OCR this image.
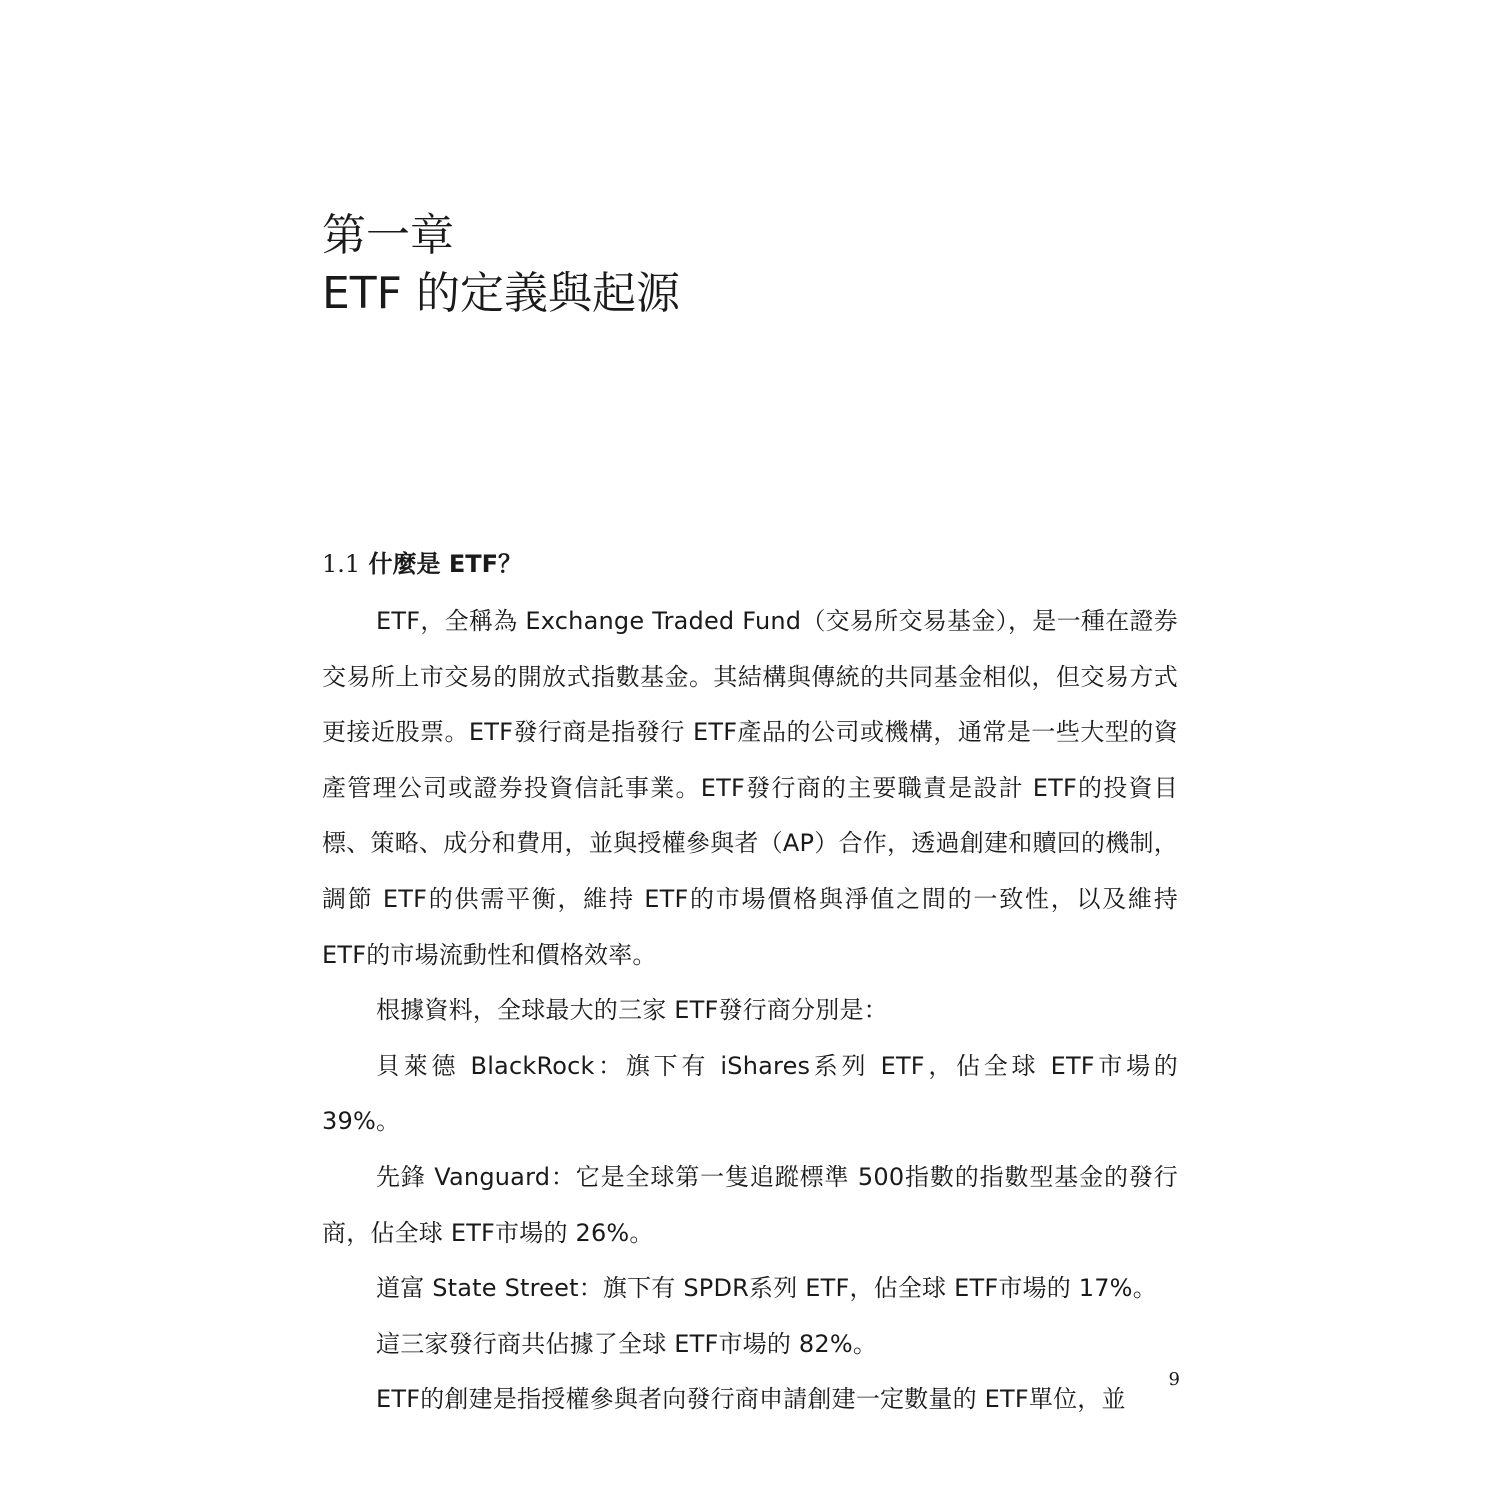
第一章
ETF 的定義與起源
1.1 什麼是 ETF？

ETF，全稱為 Exchange Traded Fund（交易所交易基金），是一種在證券交易所上市交易的開放式指數基金。其結構與傳統的共同基金相似，但交易方式更接近股票。ETF發行商是指發行 ETF產品的公司或機構，通常是一些大型的資產管理公司或證券投資信託事業。ETF發行商的主要職責是設計 ETF的投資目標、策略、成分和費用，並與授權參與者（AP）合作，透過創建和贖回的機制，調節 ETF的供需平衡，維持 ETF的市場價格與淨值之間的一致性，以及維持 ETF的市場流動性和價格效率。

根據資料，全球最大的三家 ETF發行商分別是：

貝萊德 BlackRock：旗下有 iShares系列 ETF，佔全球 ETF市場的 39%。

先鋒 Vanguard：它是全球第一隻追蹤標準 500指數的指數型基金的發行商，佔全球 ETF市場的 26%。

道富 State Street：旗下有 SPDR系列 ETF，佔全球 ETF市場的 17%。

這三家發行商共佔據了全球 ETF市場的 82%。

ETF的創建是指授權參與者向發行商申請創建一定數量的 ETF單位，並

9
